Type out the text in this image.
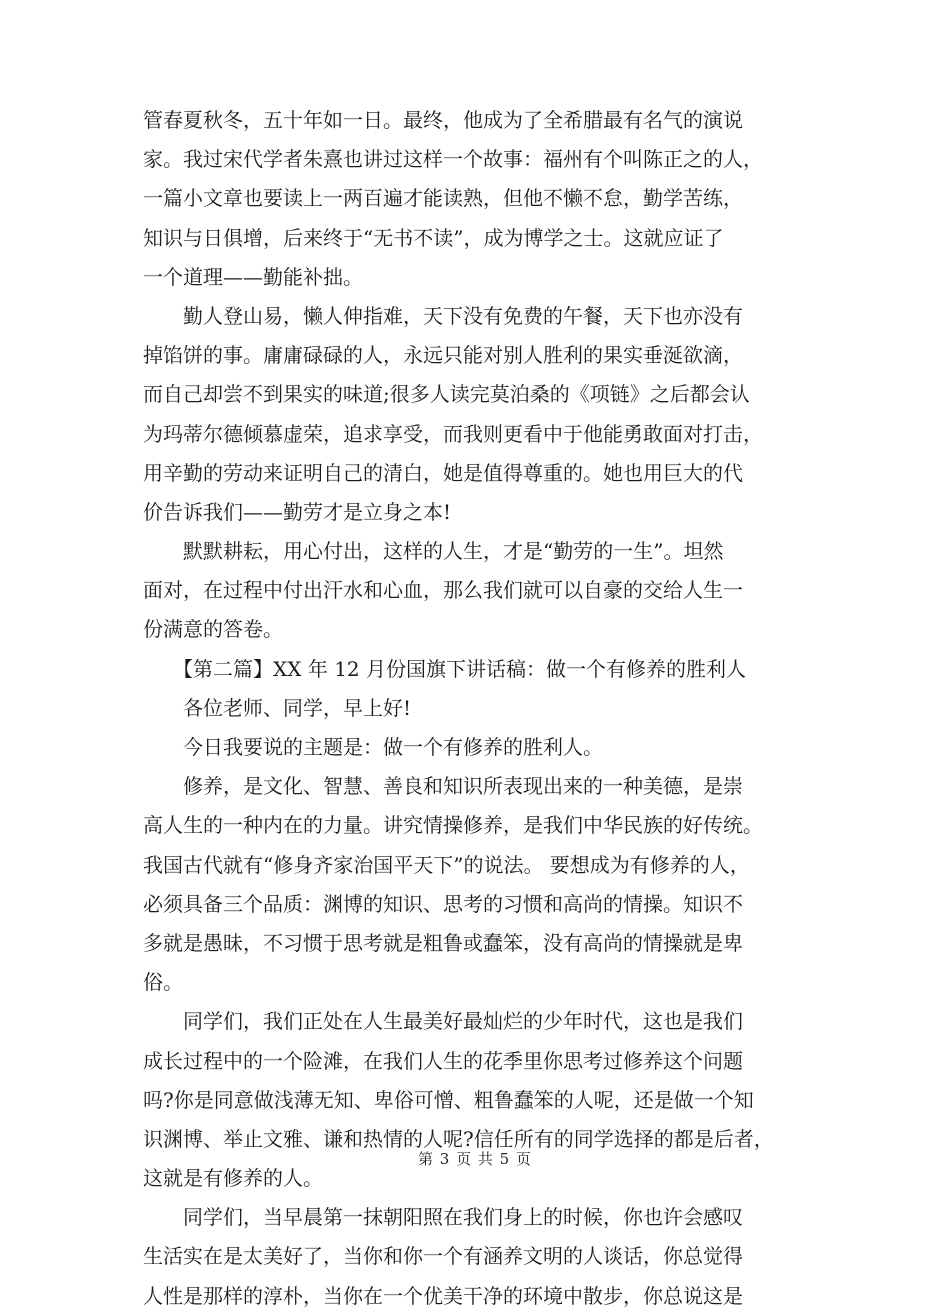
管春夏秋冬，五十年如一日。最终，他成为了全希腊最有名气的演说
家。我过宋代学者朱熹也讲过这样一个故事：福州有个叫陈正之的人，
一篇小文章也要读上一两百遍才能读熟，但他不懒不怠，勤学苦练，
知识与日俱增，后来终于“无书不读”，成为博学之士。这就应证了
一个道理——勤能补拙。
　　勤人登山易，懒人伸指难，天下没有免费的午餐，天下也亦没有
掉馅饼的事。庸庸碌碌的人，永远只能对别人胜利的果实垂涎欲滴，
而自己却尝不到果实的味道;很多人读完莫泊桑的《项链》之后都会认
为玛蒂尔德倾慕虚荣，追求享受，而我则更看中于他能勇敢面对打击，
用辛勤的劳动来证明自己的清白，她是值得尊重的。她也用巨大的代
价告诉我们——勤劳才是立身之本!
　　默默耕耘，用心付出，这样的人生，才是“勤劳的一生”。坦然
面对，在过程中付出汗水和心血，那么我们就可以自豪的交给人生一
份满意的答卷。
　　【第二篇】XX 年 12 月份国旗下讲话稿：做一个有修养的胜利人
　　各位老师、同学，早上好!
　　今日我要说的主题是：做一个有修养的胜利人。
　　修养，是文化、智慧、善良和知识所表现出来的一种美德，是崇
高人生的一种内在的力量。讲究情操修养，是我们中华民族的好传统。
我国古代就有“修身齐家治国平天下”的说法。 要想成为有修养的人，
必须具备三个品质：渊博的知识、思考的习惯和高尚的情操。知识不
多就是愚昧，不习惯于思考就是粗鲁或蠢笨，没有高尚的情操就是卑
俗。
　　同学们，我们正处在人生最美好最灿烂的少年时代，这也是我们
成长过程中的一个险滩，在我们人生的花季里你思考过修养这个问题
吗?你是同意做浅薄无知、卑俗可憎、粗鲁蠢笨的人呢，还是做一个知
识渊博、举止文雅、谦和热情的人呢?信任所有的同学选择的都是后者，
这就是有修养的人。
　　同学们，当早晨第一抹朝阳照在我们身上的时候，你也许会感叹
生活实在是太美好了，当你和你一个有涵养文明的人谈话，你总觉得
人性是那样的淳朴，当你在一个优美干净的环境中散步，你总说这是
第 3 页 共 5 页
